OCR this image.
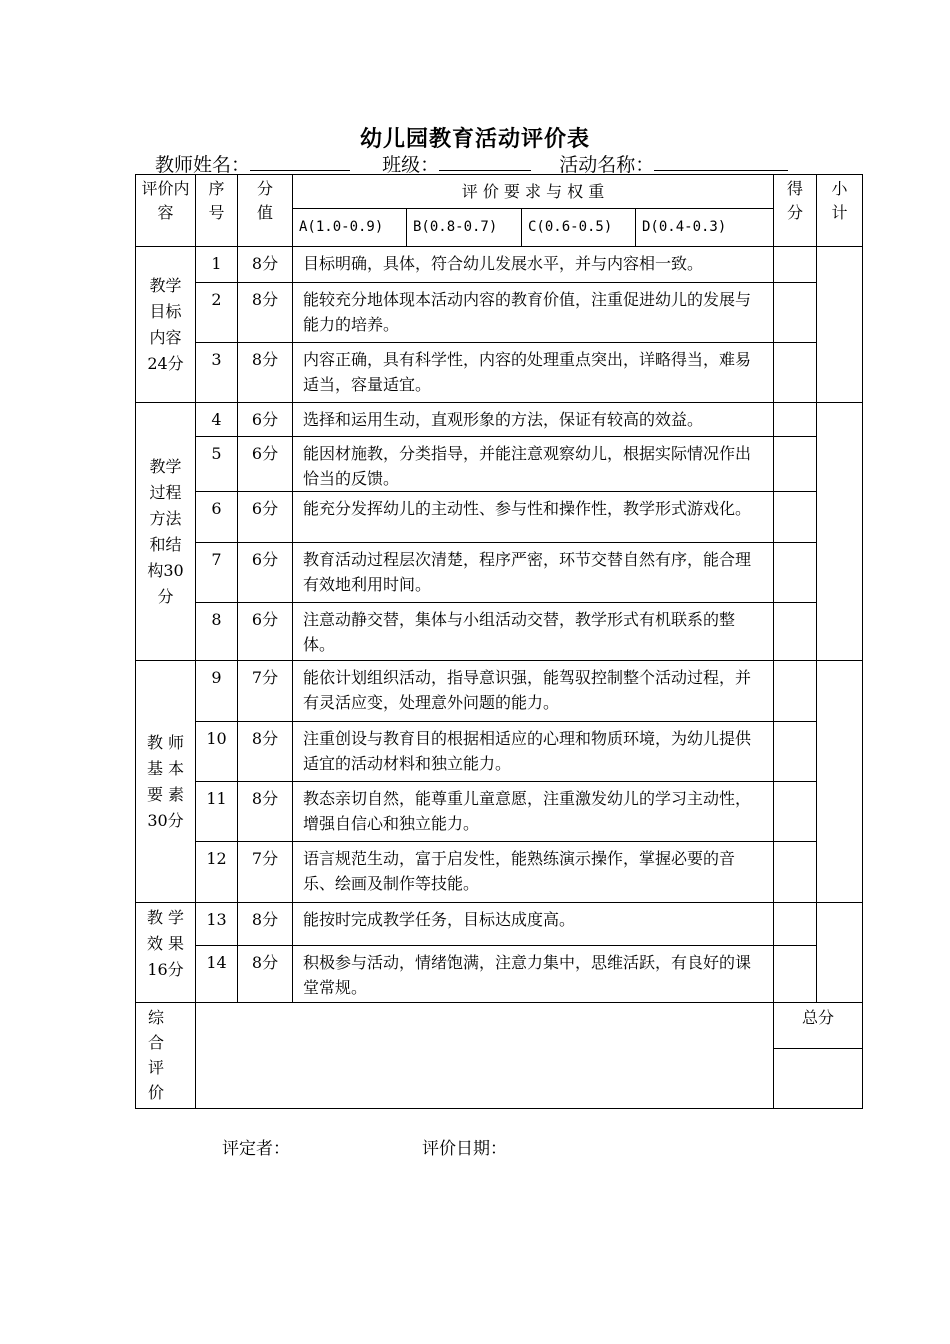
幼儿园教育活动评价表
教师姓名：	班级：	活动名称：
评价内容	序号	分值	评 价 要 求 与 权 重				得分	小计
			A(1.0-0.9)	B(0.8-0.7)	C(0.6-0.5)	D(0.4-0.3)		
教学目标内容24分	1	8分	目标明确，具体，符合幼儿发展水平，并与内容相一致。					
	2	8分	能较充分地体现本活动内容的教育价值，注重促进幼儿的发展与能力的培养。					
	3	8分	内容正确，具有科学性，内容的处理重点突出，详略得当，难易适当，容量适宜。					
教学过程方法和结构30分	4	6分	选择和运用生动，直观形象的方法，保证有较高的效益。					
	5	6分	能因材施教，分类指导，并能注意观察幼儿，根据实际情况作出恰当的反馈。					
	6	6分	能充分发挥幼儿的主动性、参与性和操作性，教学形式游戏化。					
	7	6分	教育活动过程层次清楚，程序严密，环节交替自然有序，能合理有效地利用时间。					
	8	6分	注意动静交替，集体与小组活动交替，教学形式有机联系的整体。					
教 师基 本要 素30分	9	7分	能依计划组织活动，指导意识强，能驾驭控制整个活动过程，并有灵活应变，处理意外问题的能力。					
	10	8分	注重创设与教育目的根据相适应的心理和物质环境，为幼儿提供适宜的活动材料和独立能力。					
	11	8分	教态亲切自然，能尊重儿童意愿，注重激发幼儿的学习主动性，增强自信心和独立能力。					
	12	7分	语言规范生动，富于启发性，能熟练演示操作，掌握必要的音乐、绘画及制作等技能。					
教 学效 果16分	13	8分	能按时完成教学任务，目标达成度高。					
	14	8分	积极参与活动，情绪饱满，注意力集中，思维活跃，有良好的课堂常规。					
综合评价							总分	

评定者：	评价日期：
